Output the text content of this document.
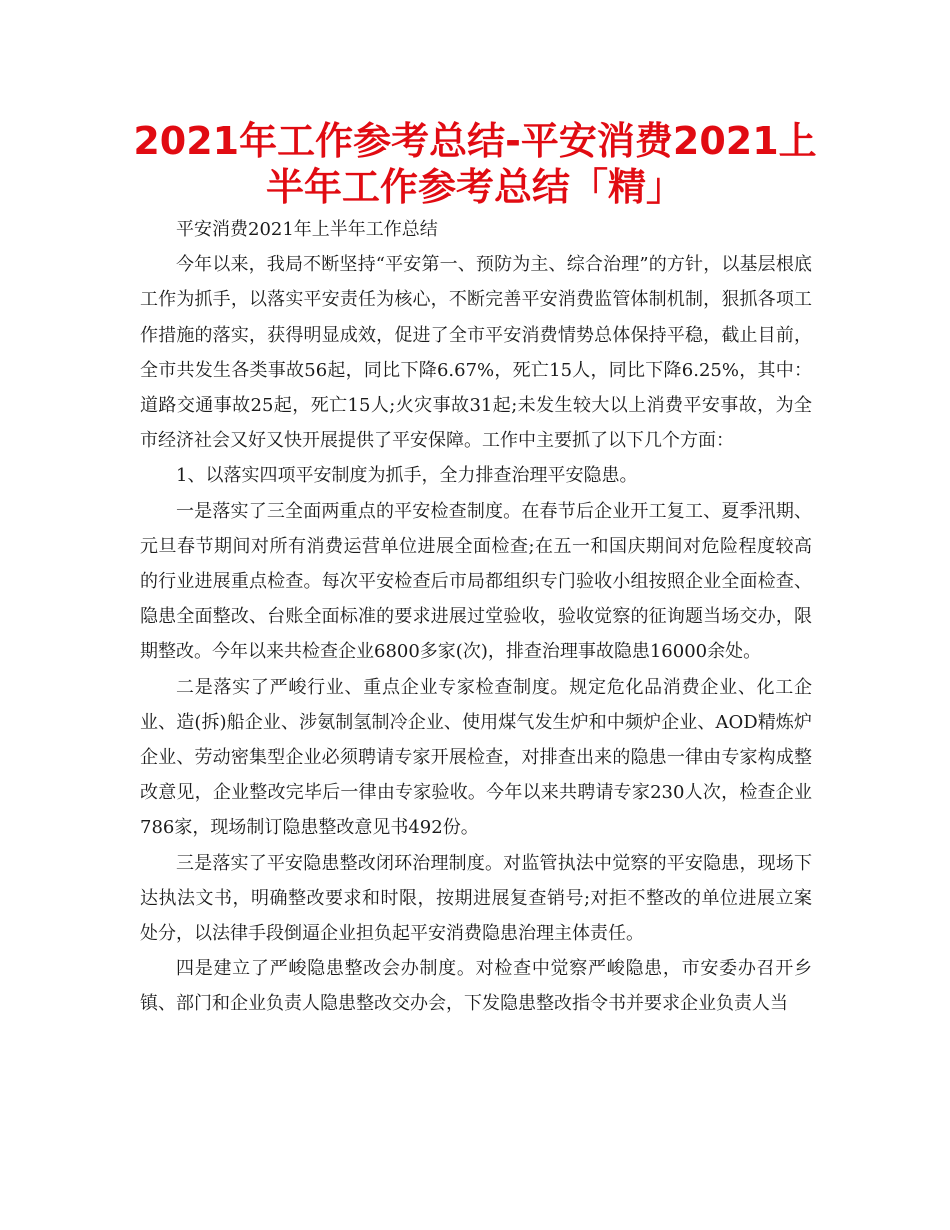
2021年工作参考总结-平安消费2021上半年工作参考总结「精」

平安消费2021年上半年工作总结

今年以来，我局不断坚持“平安第一、预防为主、综合治理”的方针，以基层根底工作为抓手，以落实平安责任为核心，不断完善平安消费监管体制机制，狠抓各项工作措施的落实，获得明显成效，促进了全市平安消费情势总体保持平稳，截止目前，全市共发生各类事故56起，同比下降6.67%，死亡15人，同比下降6.25%，其中：道路交通事故25起，死亡15人;火灾事故31起;未发生较大以上消费平安事故，为全市经济社会又好又快开展提供了平安保障。工作中主要抓了以下几个方面：

1、以落实四项平安制度为抓手，全力排查治理平安隐患。

一是落实了三全面两重点的平安检查制度。在春节后企业开工复工、夏季汛期、元旦春节期间对所有消费运营单位进展全面检查;在五一和国庆期间对危险程度较高的行业进展重点检查。每次平安检查后市局都组织专门验收小组按照企业全面检查、隐患全面整改、台账全面标准的要求进展过堂验收，验收觉察的征询题当场交办，限期整改。今年以来共检查企业6800多家(次)，排查治理事故隐患16000余处。

二是落实了严峻行业、重点企业专家检查制度。规定危化品消费企业、化工企业、造(拆)船企业、涉氨制氢制冷企业、使用煤气发生炉和中频炉企业、AOD精炼炉企业、劳动密集型企业必须聘请专家开展检查，对排查出来的隐患一律由专家构成整改意见，企业整改完毕后一律由专家验收。今年以来共聘请专家230人次，检查企业786家，现场制订隐患整改意见书492份。

三是落实了平安隐患整改闭环治理制度。对监管执法中觉察的平安隐患，现场下达执法文书，明确整改要求和时限，按期进展复查销号;对拒不整改的单位进展立案处分，以法律手段倒逼企业担负起平安消费隐患治理主体责任。

四是建立了严峻隐患整改会办制度。对检查中觉察严峻隐患，市安委办召开乡镇、部门和企业负责人隐患整改交办会，下发隐患整改指令书并要求企业负责人当
